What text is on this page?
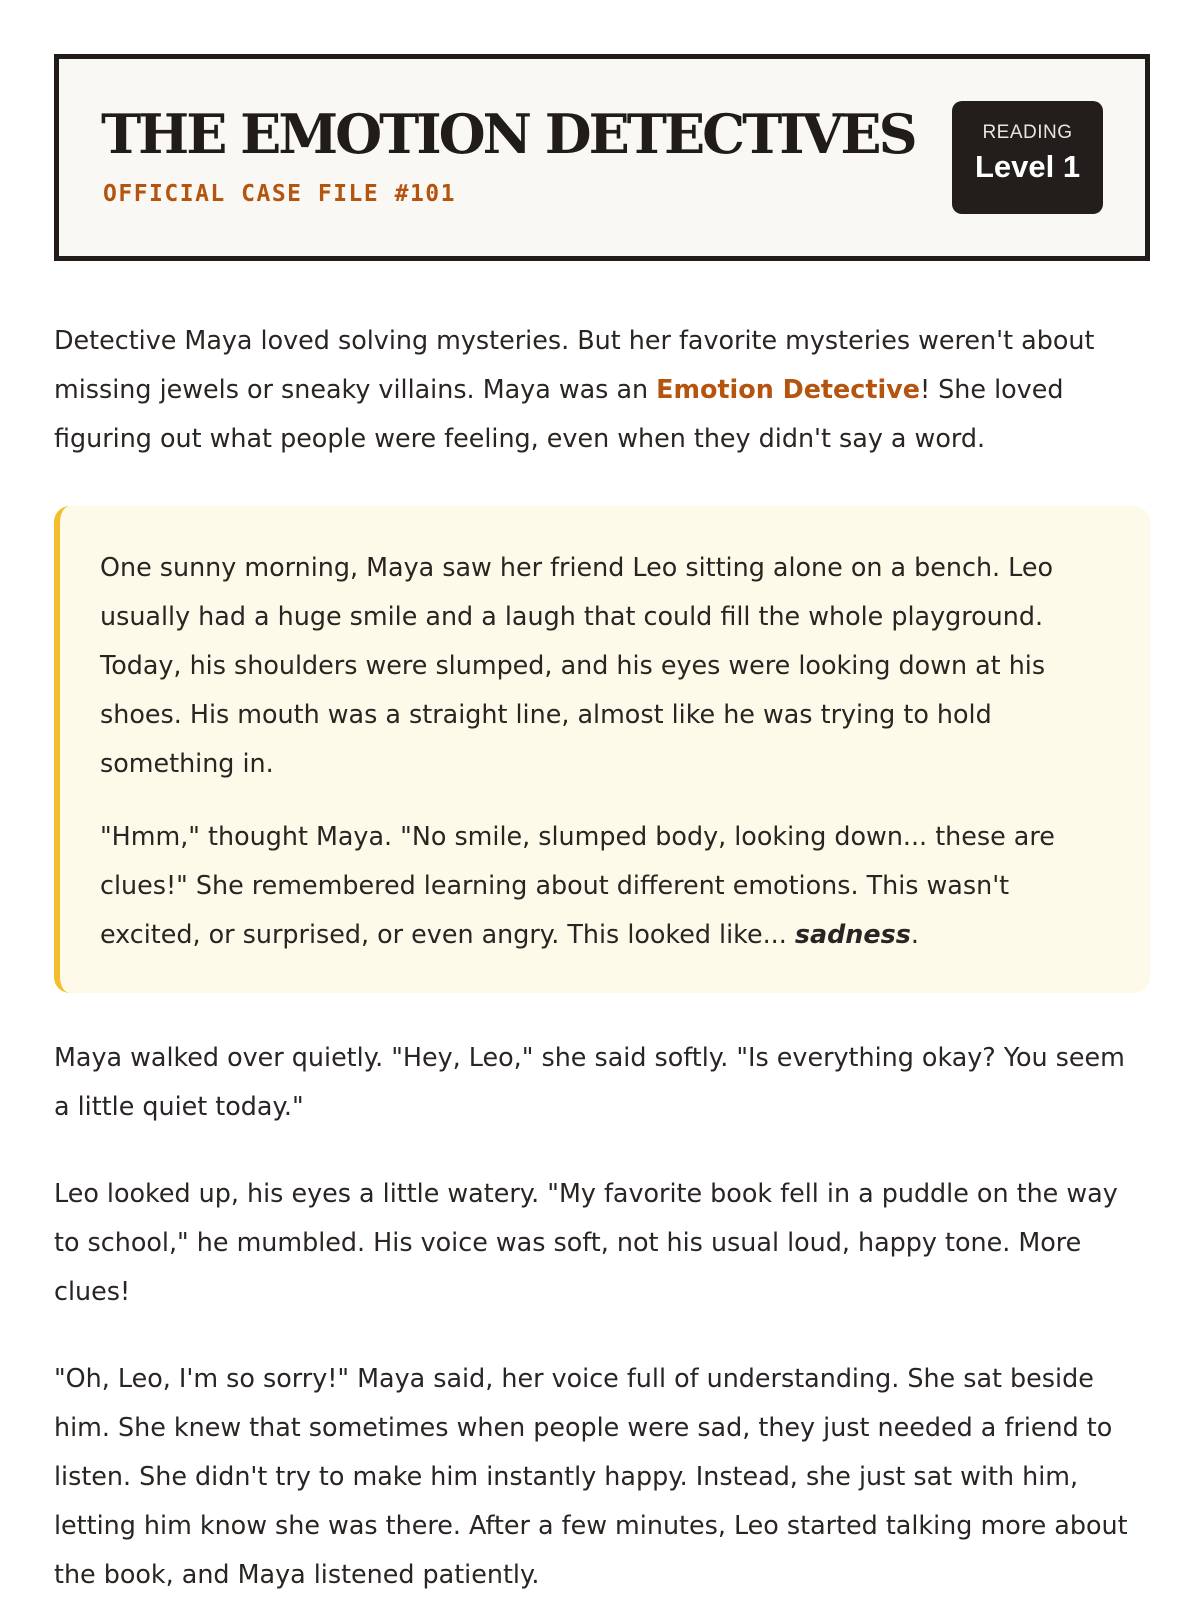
THE EMOTION DETECTIVES
OFFICIAL CASE FILE #101
READING
Level 1

Detective Maya loved solving mysteries. But her favorite mysteries weren't about missing jewels or sneaky villains. Maya was an Emotion Detective! She loved figuring out what people were feeling, even when they didn't say a word.

One sunny morning, Maya saw her friend Leo sitting alone on a bench. Leo usually had a huge smile and a laugh that could fill the whole playground. Today, his shoulders were slumped, and his eyes were looking down at his shoes. His mouth was a straight line, almost like he was trying to hold something in.

"Hmm," thought Maya. "No smile, slumped body, looking down... these are clues!" She remembered learning about different emotions. This wasn't excited, or surprised, or even angry. This looked like... sadness.

Maya walked over quietly. "Hey, Leo," she said softly. "Is everything okay? You seem a little quiet today."

Leo looked up, his eyes a little watery. "My favorite book fell in a puddle on the way to school," he mumbled. His voice was soft, not his usual loud, happy tone. More clues!

"Oh, Leo, I'm so sorry!" Maya said, her voice full of understanding. She sat beside him. She knew that sometimes when people were sad, they just needed a friend to listen. She didn't try to make him instantly happy. Instead, she just sat with him, letting him know she was there. After a few minutes, Leo started talking more about the book, and Maya listened patiently.
